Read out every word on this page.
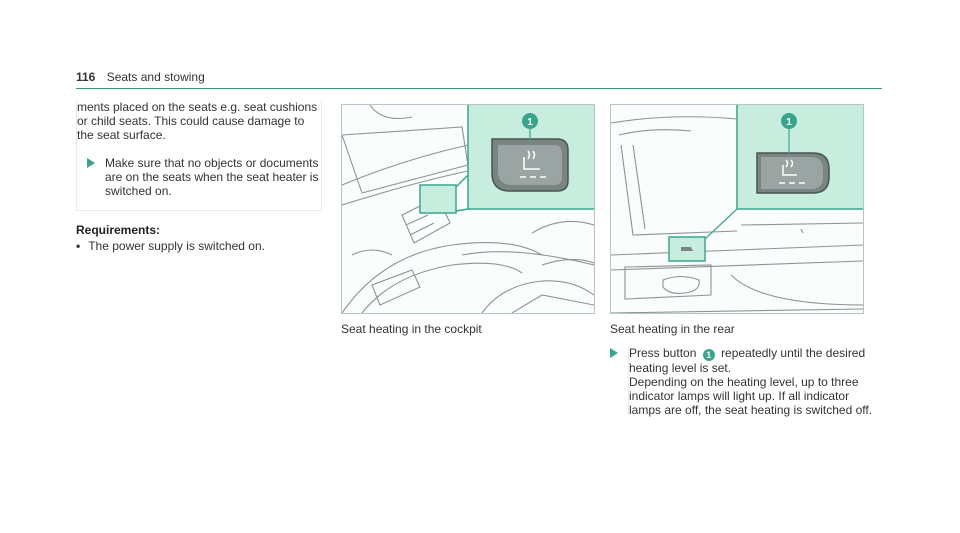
116 Seats and stowing
ments placed on the seats e.g. seat cushions or child seats. This could cause damage to the seat surface.
Make sure that no objects or documents are on the seats when the seat heater is switched on.
Requirements:
• The power supply is switched on.
1
Seat heating in the cockpit
1
Seat heating in the rear
Press button 1 repeatedly until the desired heating level is set.
Depending on the heating level, up to three indicator lamps will light up. If all indicator lamps are off, the seat heating is switched off.
